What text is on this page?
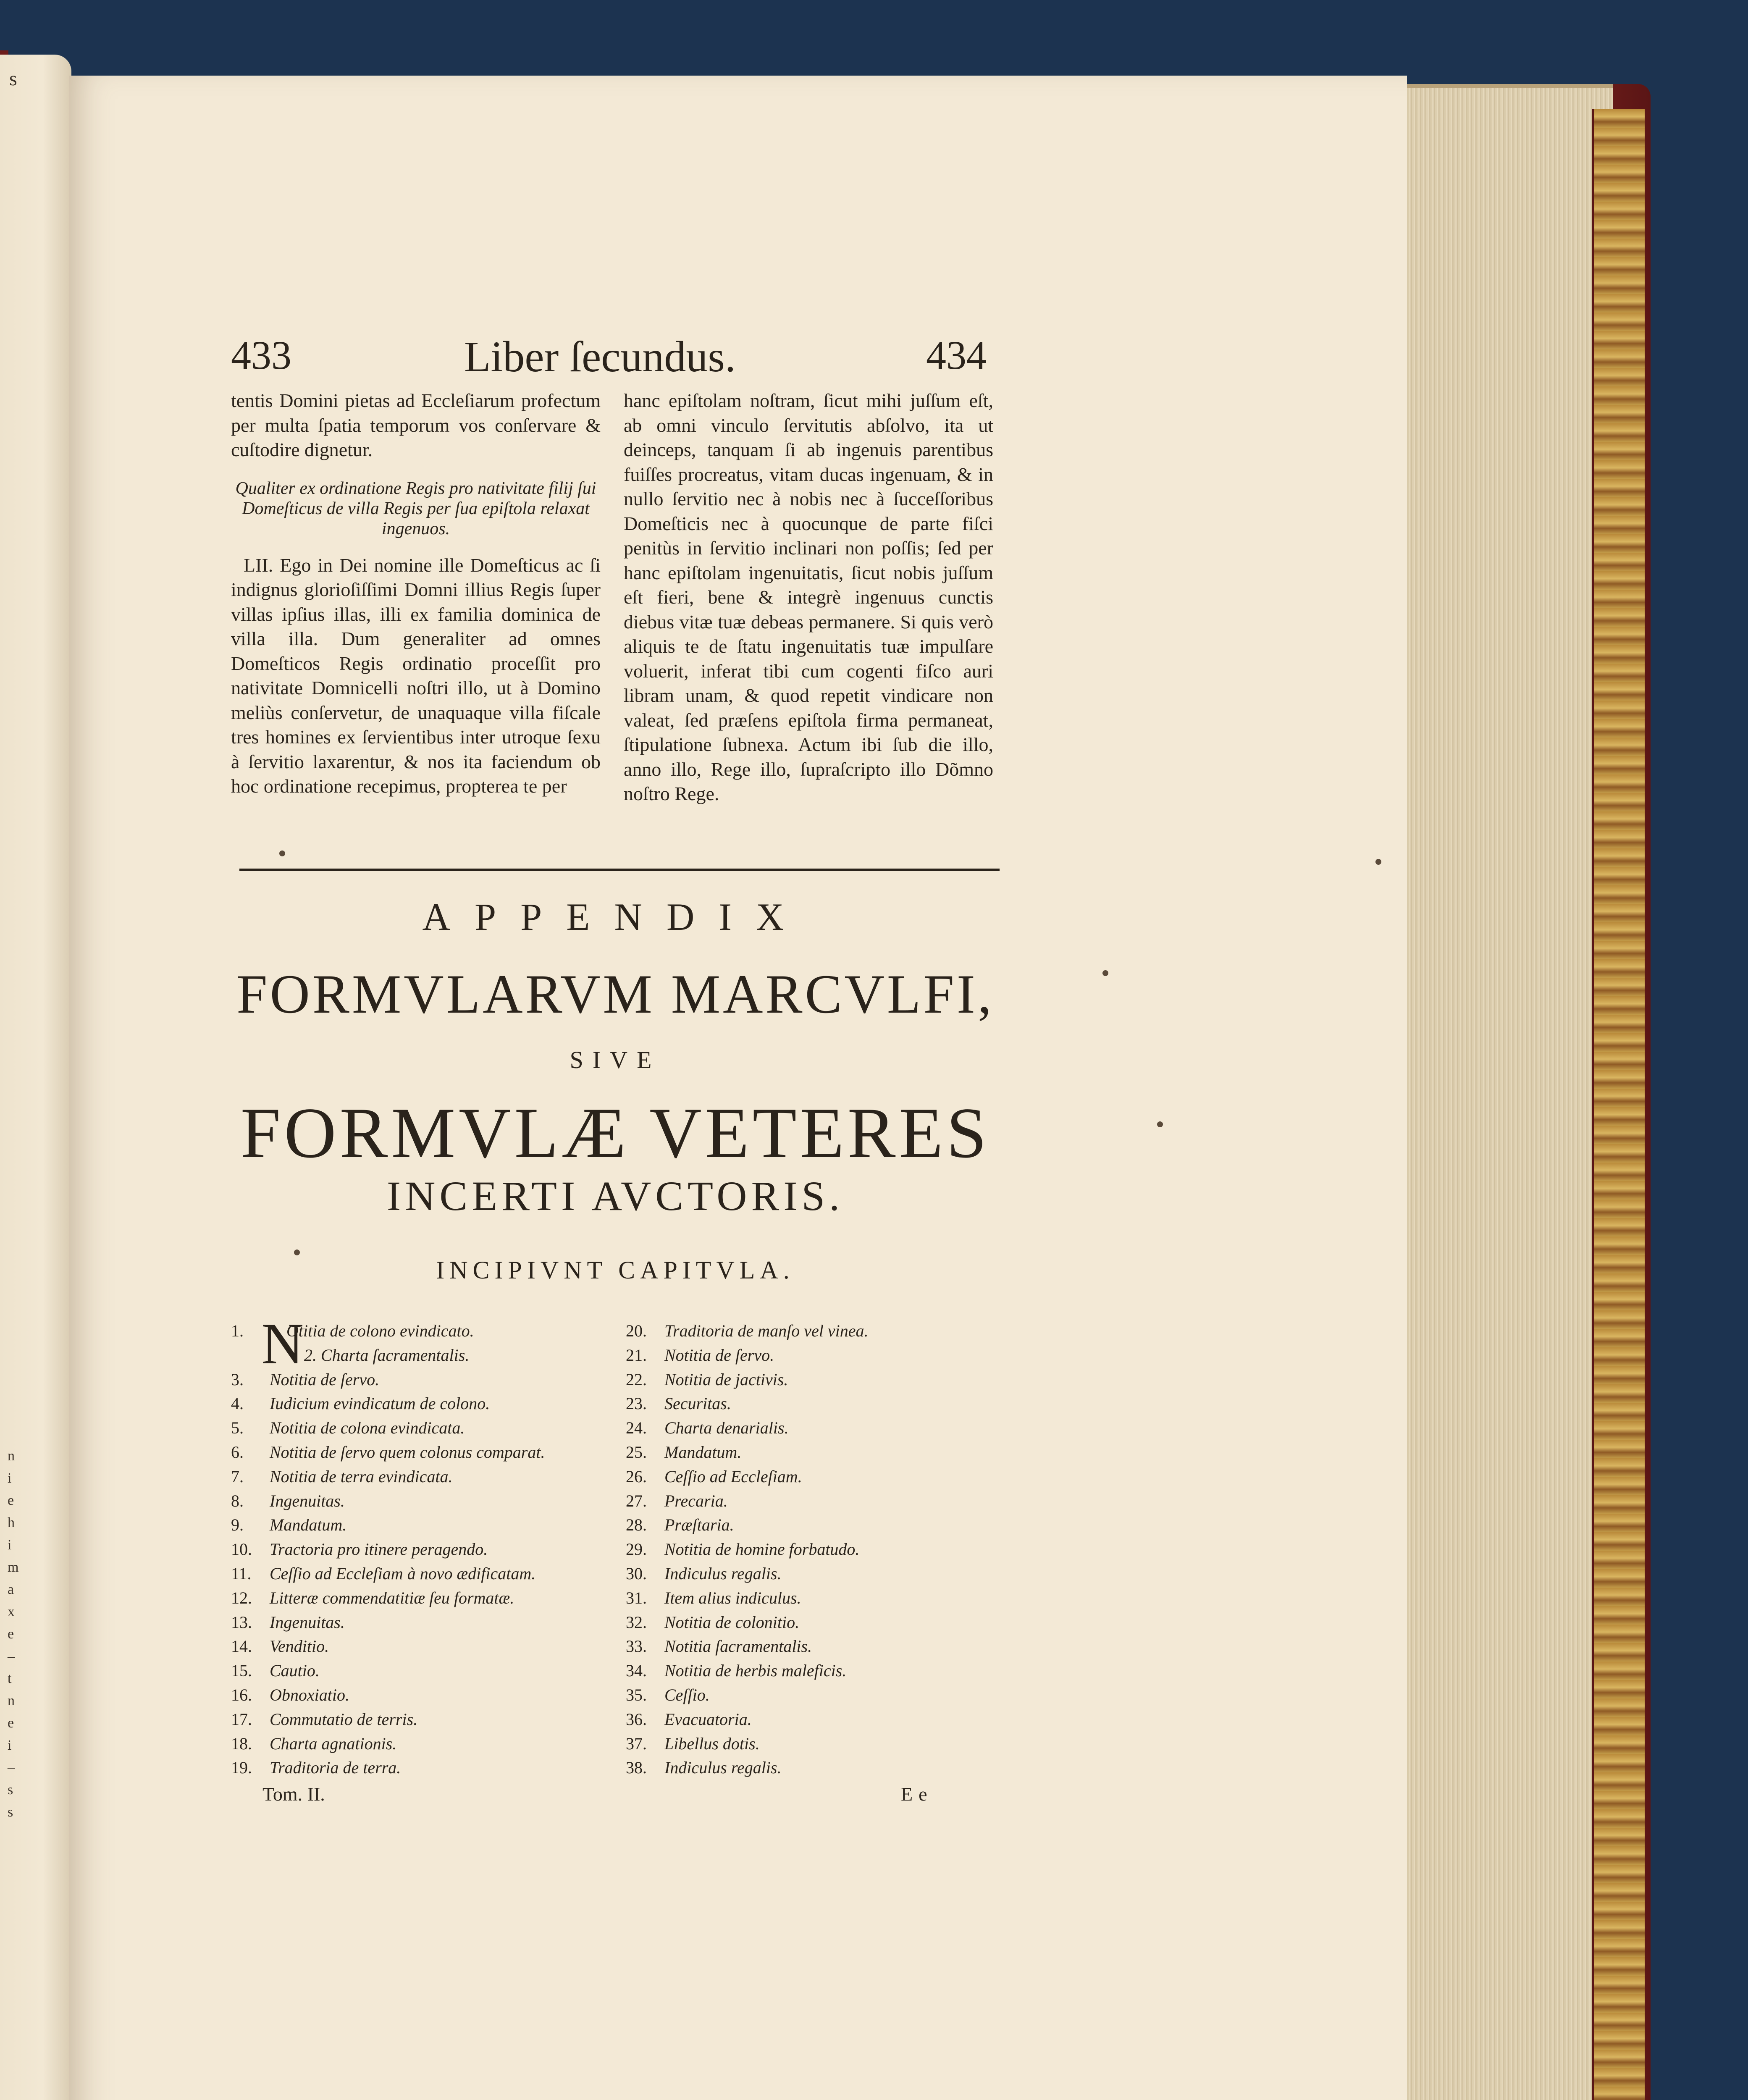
s
n
i
e
h
i
m
a
x
e
–
t
n
e
i
–
s
s
433	Liber ſecundus.	434

tentis Domini pietas ad Eccleſiarum profectum per multa ſpatia temporum vos conſervare & cuſtodire dignetur.

Qualiter ex ordinatione Regis pro nativitate filij ſui Domeſticus de villa Regis per ſua epiſtola relaxat ingenuos.

LII. Ego in Dei nomine ille Domeſticus ac ſi indignus glorioſiſſimi Domni illius Regis ſuper villas ipſius illas, illi ex familia dominica de villa illa. Dum generaliter ad omnes Domeſticos Regis ordinatio proceſſit pro nativitate Domnicelli noſtri illo, ut à Domino meliùs conſervetur, de unaquaque villa fiſcale tres homines ex ſervientibus inter utroque ſexu à ſervitio laxarentur, & nos ita faciendum ob hoc ordinatione recepimus, propterea te per

hanc epiſtolam noſtram, ſicut mihi juſſum eſt, ab omni vinculo ſervitutis abſolvo, ita ut deinceps, tanquam ſi ab ingenuis parentibus fuiſſes procreatus, vitam ducas ingenuam, & in nullo ſervitio nec à nobis nec à ſucceſſoribus Domeſticis nec à quocunque de parte fiſci penitùs in ſervitio inclinari non poſſis; ſed per hanc epiſtolam ingenuitatis, ſicut nobis juſſum eſt fieri, bene & integrè ingenuus cunctis diebus vitæ tuæ debeas permanere. Si quis verò aliquis te de ſtatu ingenuitatis tuæ impulſare voluerit, inferat tibi cum cogenti fiſco auri libram unam, & quod repetit vindicare non valeat, ſed præſens epiſtola firma permaneat, ſtipulatione ſubnexa. Actum ibi ſub die illo, anno illo, Rege illo, ſupraſcripto illo Dõmno noſtro Rege.

APPENDIX
FORMVLARVM MARCVLFI,
SIVE
FORMVLÆ VETERES
INCERTI AVCTORIS.
INCIPIVNT CAPITVLA.
N
1.	Otitia de colono evindicato.
2. Charta ſacramentalis.
3. Notitia de ſervo.
4. Iudicium evindicatum de colono.
5. Notitia de colona evindicata.
6. Notitia de ſervo quem colonus comparat.
7. Notitia de terra evindicata.
8. Ingenuitas.
9. Mandatum.
10. Tractoria pro itinere peragendo.
11. Ceſſio ad Eccleſiam à novo ædificatam.
12. Litteræ commendatitiæ ſeu formatæ.
13. Ingenuitas.
14. Venditio.
15. Cautio.
16. Obnoxiatio.
17. Commutatio de terris.
18. Charta agnationis.
19. Traditoria de terra.
20. Traditoria de manſo vel vinea.
21. Notitia de ſervo.
22. Notitia de jactivis.
23. Securitas.
24. Charta denarialis.
25. Mandatum.
26. Ceſſio ad Eccleſiam.
27. Precaria.
28. Præſtaria.
29. Notitia de homine forbatudo.
30. Indiculus regalis.
31. Item alius indiculus.
32. Notitia de colonitio.
33. Notitia ſacramentalis.
34. Notitia de herbis maleficis.
35. Ceſſio.
36. Evacuatoria.
37. Libellus dotis.
38. Indiculus regalis.
Tom. II.	Ee
